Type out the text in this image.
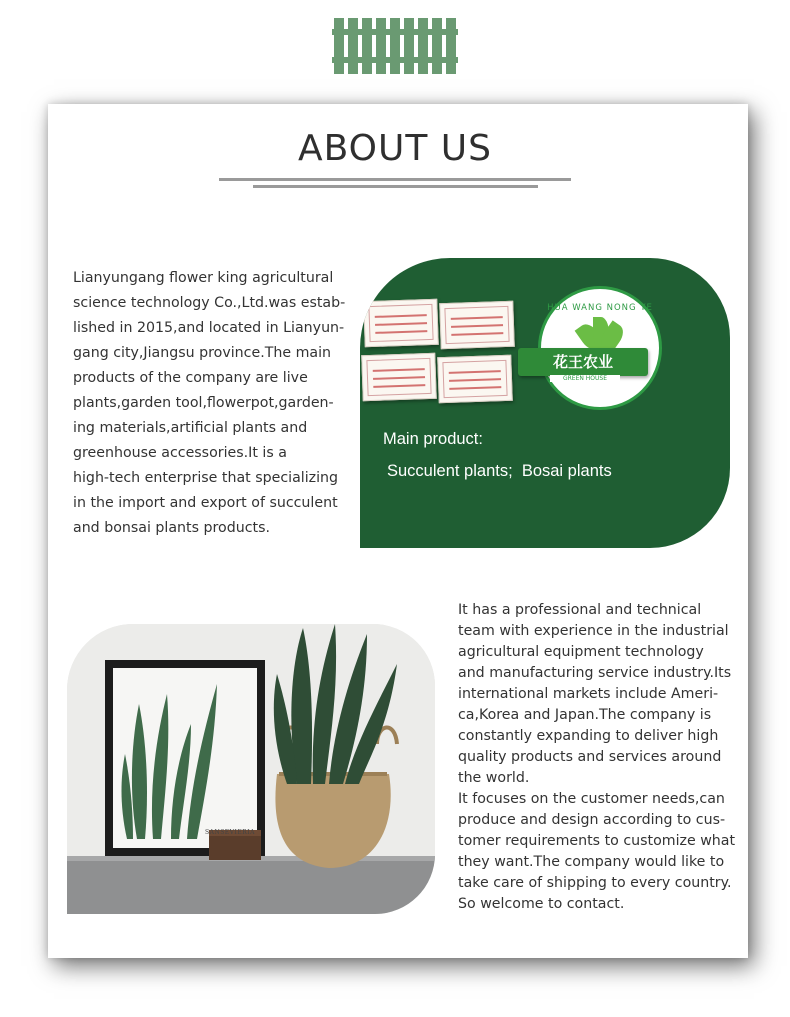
ABOUT US
Lianyungang flower king agricultural
science technology Co.,Ltd.was estab-
lished in 2015,and located in Lianyun-
gang city,Jiangsu province.The main
products of the company are live
plants,garden tool,flowerpot,garden-
ing materials,artificial plants and
greenhouse accessories.It is a
high-tech enterprise that specializing
in the import and export of succulent
and bonsai plants products.
HUA WANG NONG YE
花王农业
GREEN HOUSE
Main product:
Succulent plants;  Bosai plants
It has a professional and technical
team with experience in the industrial
agricultural equipment technology
and manufacturing service industry.Its
international markets include Ameri-
ca,Korea and Japan.The company is
constantly expanding to deliver high
quality products and services around
the world.
It focuses on the customer needs,can
produce and design according to cus-
tomer requirements to customize what
they want.The company would like to
take care of shipping to every country.
So welcome to contact.
SANSEVIERIA
